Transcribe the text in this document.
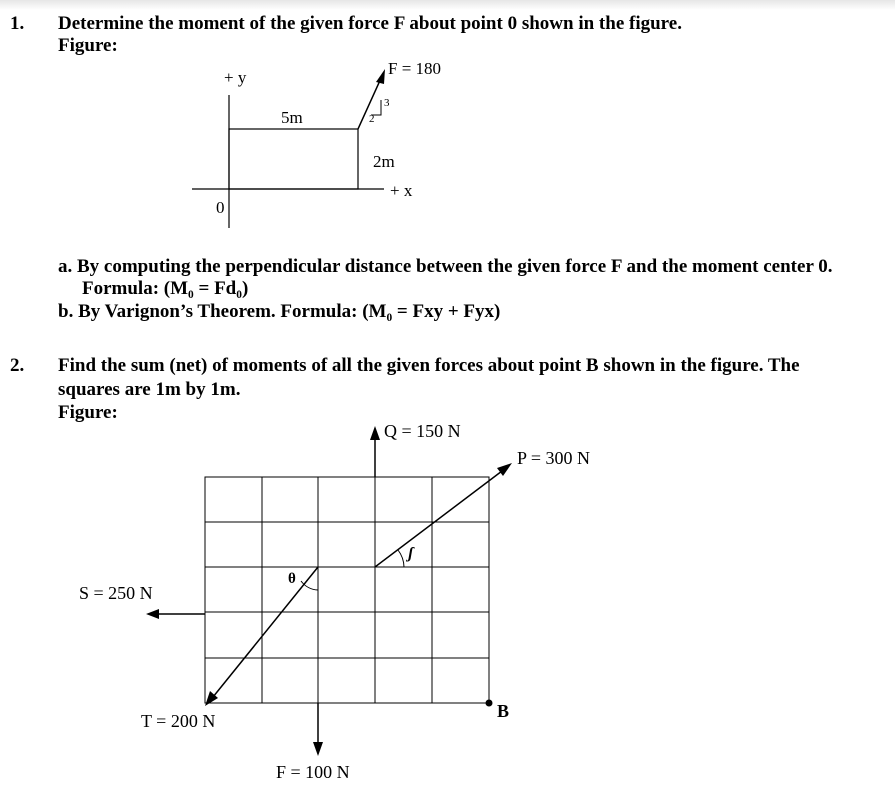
1. Determine the moment of the given force F about point 0 shown in the figure.
Figure:
+ y
+ x
0
5m
2m
F = 180
3
2
a. By computing the perpendicular distance between the given force F and the moment center 0.
Formula: (M₀ = Fd₀)
b. By Varignon’s Theorem. Formula: (M₀ = Fxy + Fyx)
2. Find the sum (net) of moments of all the given forces about point B shown in the figure. The
squares are 1m by 1m.
Figure:
Q = 150 N
P = 300 N
S = 250 N
T = 200 N
F = 100 N
B
θ
ʃ
